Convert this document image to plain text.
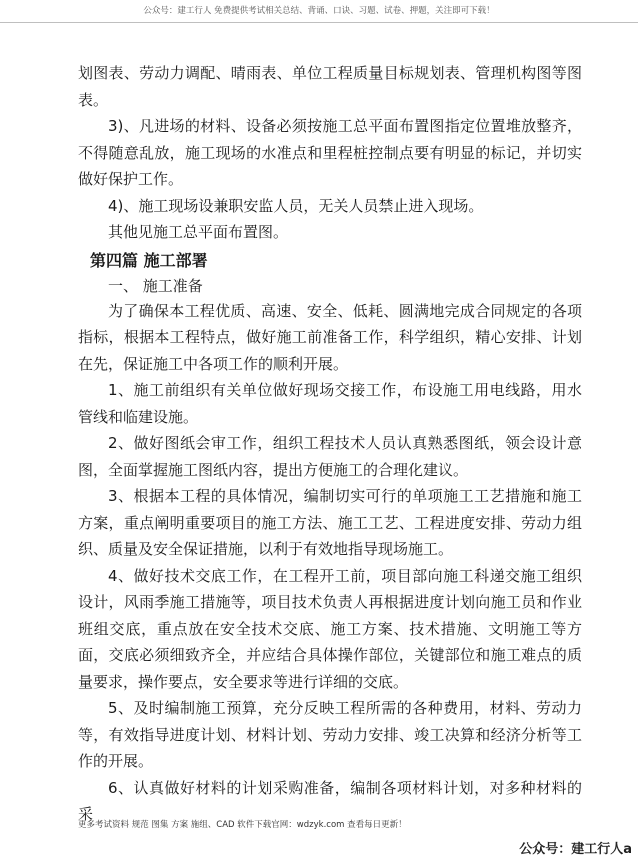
公众号：建工行人 免费提供考试相关总结、背诵、口诀、习题、试卷、押题，关注即可下载！

划图表、劳动力调配、晴雨表、单位工程质量目标规划表、管理机构图等图表。

3)、凡进场的材料、设备必须按施工总平面布置图指定位置堆放整齐，不得随意乱放，施工现场的水准点和里程桩控制点要有明显的标记，并切实做好保护工作。

4)、施工现场设兼职安监人员，无关人员禁止进入现场。

其他见施工总平面布置图。

第四篇 施工部署
一、 施工准备

为了确保本工程优质、高速、安全、低耗、圆满地完成合同规定的各项指标，根据本工程特点，做好施工前准备工作，科学组织，精心安排、计划在先，保证施工中各项工作的顺利开展。

1、施工前组织有关单位做好现场交接工作，布设施工用电线路，用水管线和临建设施。

2、做好图纸会审工作，组织工程技术人员认真熟悉图纸，领会设计意图，全面掌握施工图纸内容，提出方便施工的合理化建议。

3、根据本工程的具体情况，编制切实可行的单项施工工艺措施和施工方案，重点阐明重要项目的施工方法、施工工艺、工程进度安排、劳动力组织、质量及安全保证措施，以利于有效地指导现场施工。

4、做好技术交底工作，在工程开工前，项目部向施工科递交施工组织设计，风雨季施工措施等，项目技术负责人再根据进度计划向施工员和作业班组交底，重点放在安全技术交底、施工方案、技术措施、文明施工等方面，交底必须细致齐全，并应结合具体操作部位，关键部位和施工难点的质量要求，操作要点，安全要求等进行详细的交底。

5、及时编制施工预算，充分反映工程所需的各种费用，材料、劳动力等，有效指导进度计划、材料计划、劳动力安排、竣工决算和经济分析等工作的开展。

6、认真做好材料的计划采购准备，编制各项材料计划，对多种材料的采

更多考试资料 规范 图集 方案 施组、CAD 软件下载官网：wdzyk.com 查看每日更新！
公众号：建工行人a
